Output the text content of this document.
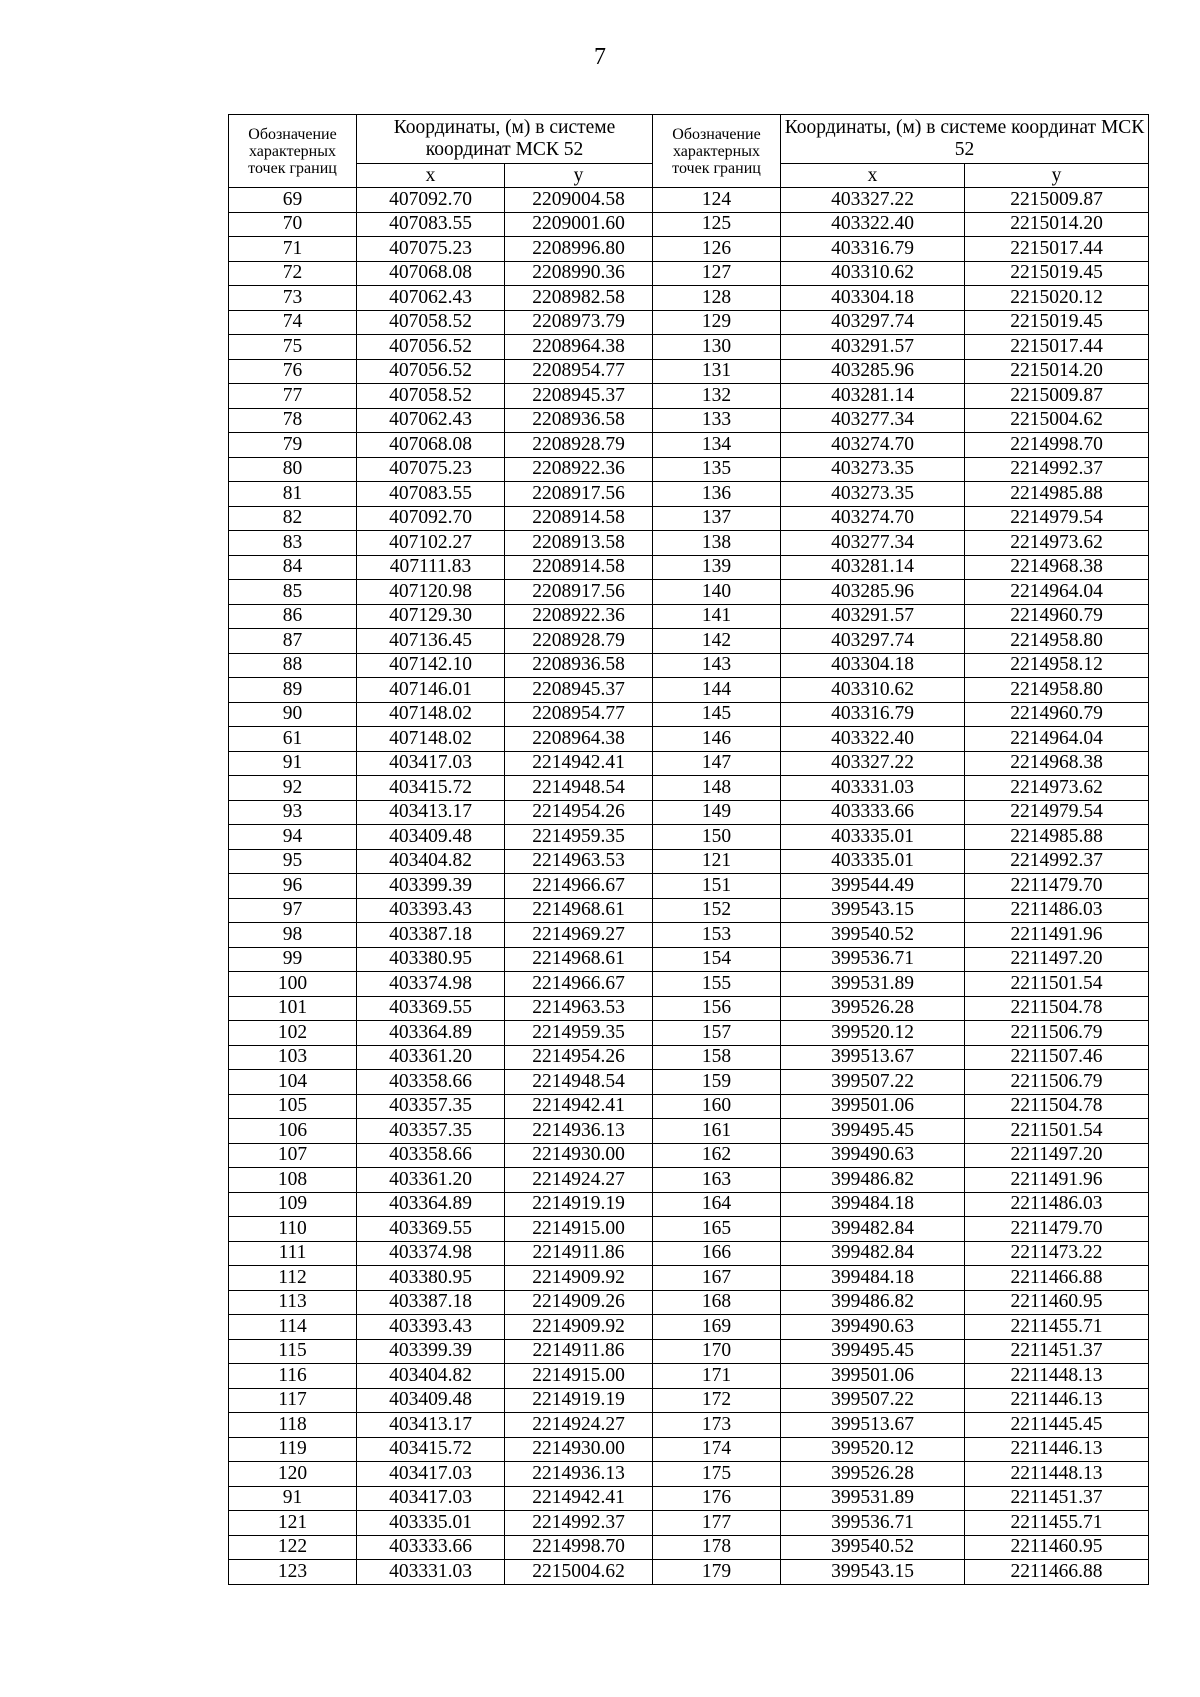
7
Обозначение характерных точек границ	Координаты, (м) в системе координат МСК 52		Обозначение характерных точек границ	Координаты, (м) в системе координат МСК 52	
	x	y		x	y
69	407092.70	2209004.58	124	403327.22	2215009.87
70	407083.55	2209001.60	125	403322.40	2215014.20
71	407075.23	2208996.80	126	403316.79	2215017.44
72	407068.08	2208990.36	127	403310.62	2215019.45
73	407062.43	2208982.58	128	403304.18	2215020.12
74	407058.52	2208973.79	129	403297.74	2215019.45
75	407056.52	2208964.38	130	403291.57	2215017.44
76	407056.52	2208954.77	131	403285.96	2215014.20
77	407058.52	2208945.37	132	403281.14	2215009.87
78	407062.43	2208936.58	133	403277.34	2215004.62
79	407068.08	2208928.79	134	403274.70	2214998.70
80	407075.23	2208922.36	135	403273.35	2214992.37
81	407083.55	2208917.56	136	403273.35	2214985.88
82	407092.70	2208914.58	137	403274.70	2214979.54
83	407102.27	2208913.58	138	403277.34	2214973.62
84	407111.83	2208914.58	139	403281.14	2214968.38
85	407120.98	2208917.56	140	403285.96	2214964.04
86	407129.30	2208922.36	141	403291.57	2214960.79
87	407136.45	2208928.79	142	403297.74	2214958.80
88	407142.10	2208936.58	143	403304.18	2214958.12
89	407146.01	2208945.37	144	403310.62	2214958.80
90	407148.02	2208954.77	145	403316.79	2214960.79
61	407148.02	2208964.38	146	403322.40	2214964.04
91	403417.03	2214942.41	147	403327.22	2214968.38
92	403415.72	2214948.54	148	403331.03	2214973.62
93	403413.17	2214954.26	149	403333.66	2214979.54
94	403409.48	2214959.35	150	403335.01	2214985.88
95	403404.82	2214963.53	121	403335.01	2214992.37
96	403399.39	2214966.67	151	399544.49	2211479.70
97	403393.43	2214968.61	152	399543.15	2211486.03
98	403387.18	2214969.27	153	399540.52	2211491.96
99	403380.95	2214968.61	154	399536.71	2211497.20
100	403374.98	2214966.67	155	399531.89	2211501.54
101	403369.55	2214963.53	156	399526.28	2211504.78
102	403364.89	2214959.35	157	399520.12	2211506.79
103	403361.20	2214954.26	158	399513.67	2211507.46
104	403358.66	2214948.54	159	399507.22	2211506.79
105	403357.35	2214942.41	160	399501.06	2211504.78
106	403357.35	2214936.13	161	399495.45	2211501.54
107	403358.66	2214930.00	162	399490.63	2211497.20
108	403361.20	2214924.27	163	399486.82	2211491.96
109	403364.89	2214919.19	164	399484.18	2211486.03
110	403369.55	2214915.00	165	399482.84	2211479.70
111	403374.98	2214911.86	166	399482.84	2211473.22
112	403380.95	2214909.92	167	399484.18	2211466.88
113	403387.18	2214909.26	168	399486.82	2211460.95
114	403393.43	2214909.92	169	399490.63	2211455.71
115	403399.39	2214911.86	170	399495.45	2211451.37
116	403404.82	2214915.00	171	399501.06	2211448.13
117	403409.48	2214919.19	172	399507.22	2211446.13
118	403413.17	2214924.27	173	399513.67	2211445.45
119	403415.72	2214930.00	174	399520.12	2211446.13
120	403417.03	2214936.13	175	399526.28	2211448.13
91	403417.03	2214942.41	176	399531.89	2211451.37
121	403335.01	2214992.37	177	399536.71	2211455.71
122	403333.66	2214998.70	178	399540.52	2211460.95
123	403331.03	2215004.62	179	399543.15	2211466.88
